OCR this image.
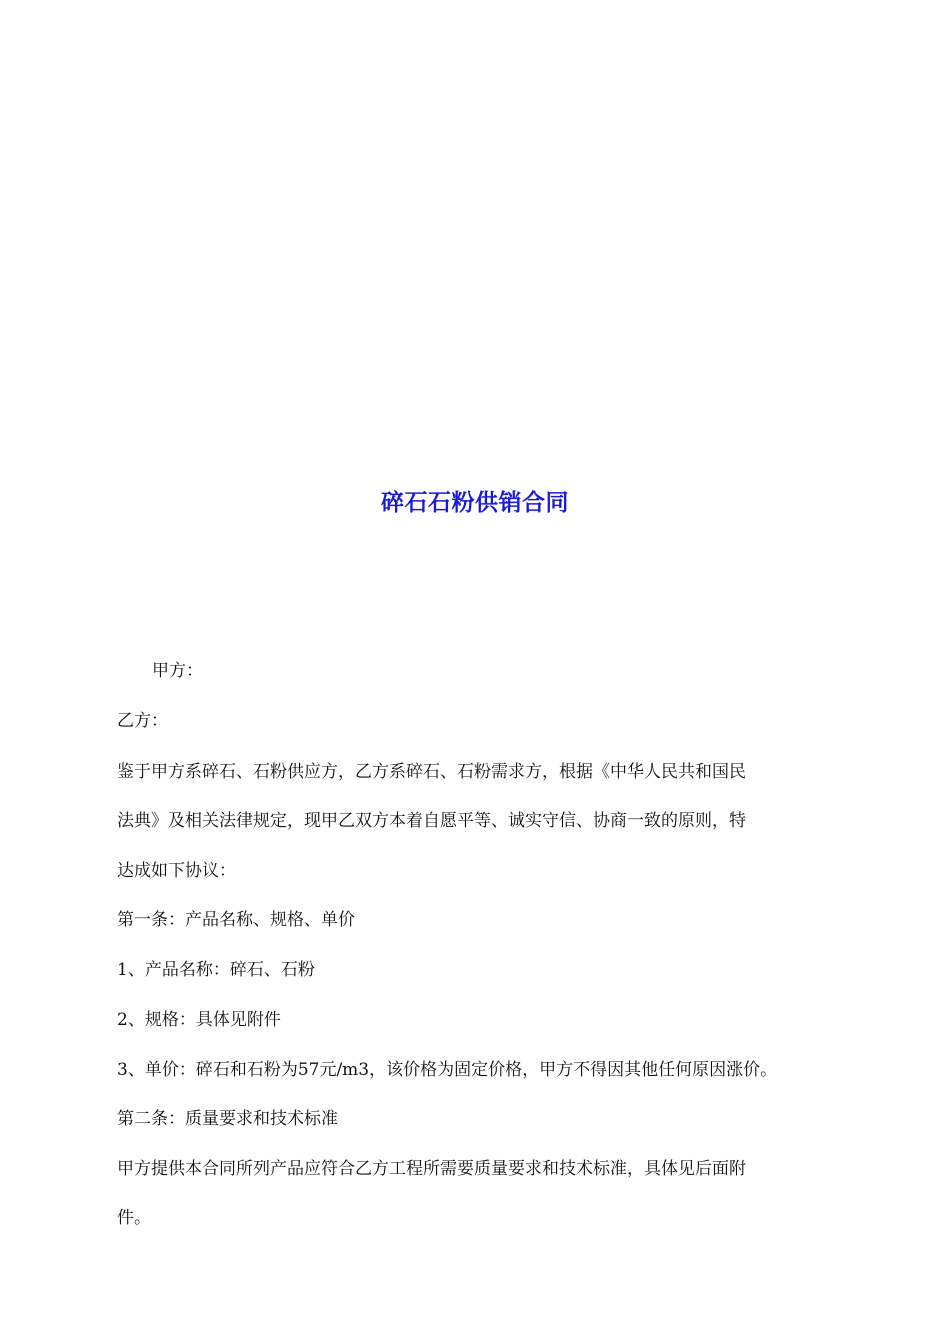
碎石石粉供销合同
甲方：
乙方：
鉴于甲方系碎石、石粉供应方，乙方系碎石、石粉需求方，根据《中华人民共和国民
法典》及相关法律规定，现甲乙双方本着自愿平等、诚实守信、协商一致的原则，特
达成如下协议：
第一条：产品名称、规格、单价
1、产品名称：碎石、石粉
2、规格：具体见附件
3、单价：碎石和石粉为57元/m3，该价格为固定价格，甲方不得因其他任何原因涨价。
第二条：质量要求和技术标准
甲方提供本合同所列产品应符合乙方工程所需要质量要求和技术标准，具体见后面附
件。
